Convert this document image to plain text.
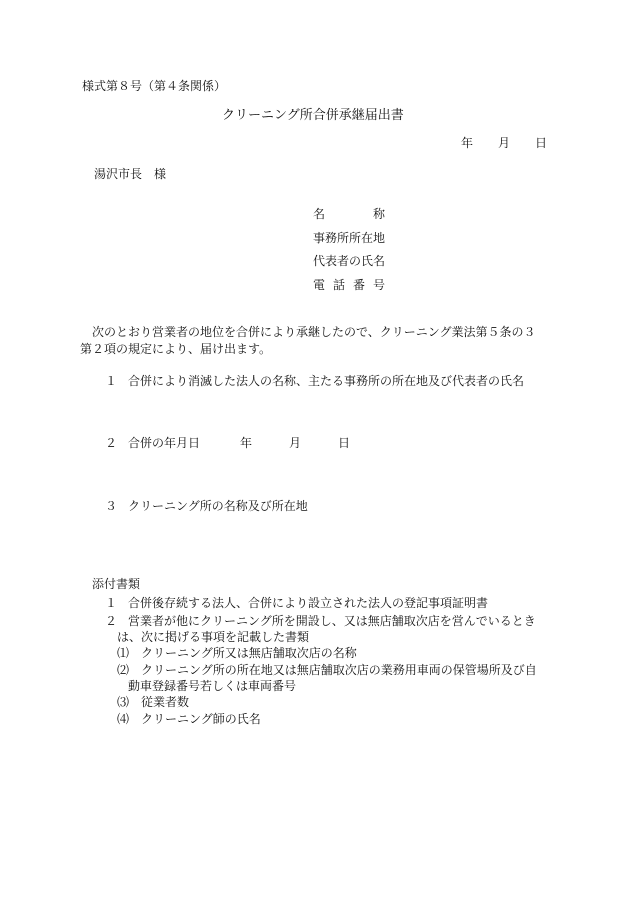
様式第８号（第４条関係）
クリーニング所合併承継届出書
年 月 日
湯沢市長　様
名	称
事務所所在地
代表者の氏名
電 話 番 号
次のとおり営業者の地位を合併により承継したので、クリーニング業法第５条の３
第２項の規定により、届け出ます。
１ 合併により消滅した法人の名称、主たる事務所の所在地及び代表者の氏名
２ 合併の年月日	年	月	日
３ クリーニング所の名称及び所在地
添付書類
１ 合併後存続する法人、合併により設立された法人の登記事項証明書
２ 営業者が他にクリーニング所を開設し、又は無店舗取次店を営んでいるとき
は、次に掲げる事項を記載した書類
⑴ クリーニング所又は無店舗取次店の名称
⑵ クリーニング所の所在地又は無店舗取次店の業務用車両の保管場所及び自
動車登録番号若しくは車両番号
⑶ 従業者数
⑷ クリーニング師の氏名
